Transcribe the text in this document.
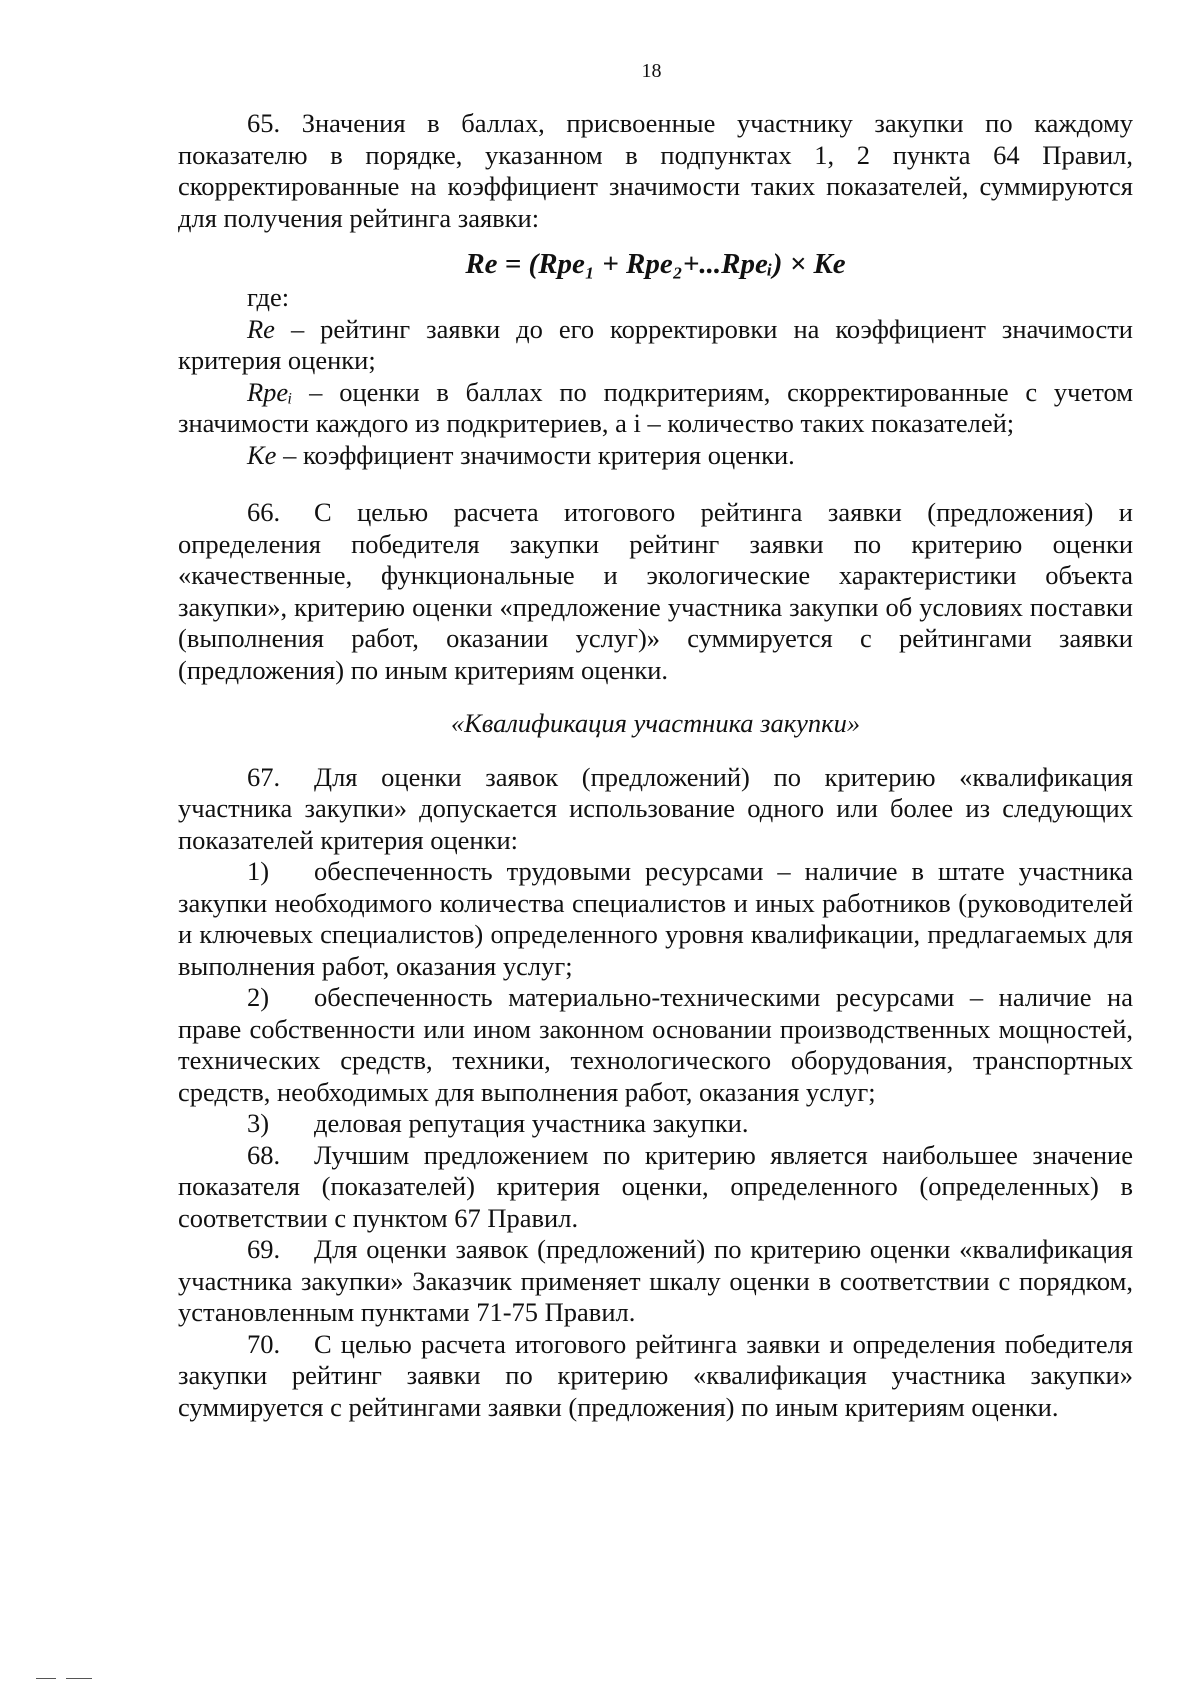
18

65. Значения в баллах, присвоенные участнику закупки по каждому показателю в порядке, указанном в подпунктах 1, 2 пункта 64 Правил, скорректированные на коэффициент значимости таких показателей, суммируются для получения рейтинга заявки:

Re = (Rpe₁ + Rpe₂+...Rpeᵢ) × Ke

где:

Re – рейтинг заявки до его корректировки на коэффициент значимости критерия оценки;

Rpeᵢ – оценки в баллах по подкритериям, скорректированные с учетом значимости каждого из подкритериев, а i – количество таких показателей;

Ke – коэффициент значимости критерия оценки.

66. С целью расчета итогового рейтинга заявки (предложения) и определения победителя закупки рейтинг заявки по критерию оценки «качественные, функциональные и экологические характеристики объекта закупки», критерию оценки «предложение участника закупки об условиях поставки (выполнения работ, оказании услуг)» суммируется с рейтингами заявки (предложения) по иным критериям оценки.

«Квалификация участника закупки»

67. Для оценки заявок (предложений) по критерию «квалификация участника закупки» допускается использование одного или более из следующих показателей критерия оценки:

1) обеспеченность трудовыми ресурсами – наличие в штате участника закупки необходимого количества специалистов и иных работников (руководителей и ключевых специалистов) определенного уровня квалификации, предлагаемых для выполнения работ, оказания услуг;

2) обеспеченность материально-техническими ресурсами – наличие на праве собственности или ином законном основании производственных мощностей, технических средств, техники, технологического оборудования, транспортных средств, необходимых для выполнения работ, оказания услуг;

3) деловая репутация участника закупки.

68. Лучшим предложением по критерию является наибольшее значение показателя (показателей) критерия оценки, определенного (определенных) в соответствии с пунктом 67 Правил.

69. Для оценки заявок (предложений) по критерию оценки «квалификация участника закупки» Заказчик применяет шкалу оценки в соответствии с порядком, установленным пунктами 71-75 Правил.

70. С целью расчета итогового рейтинга заявки и определения победителя закупки рейтинг заявки по критерию «квалификация участника закупки» суммируется с рейтингами заявки (предложения) по иным критериям оценки.
